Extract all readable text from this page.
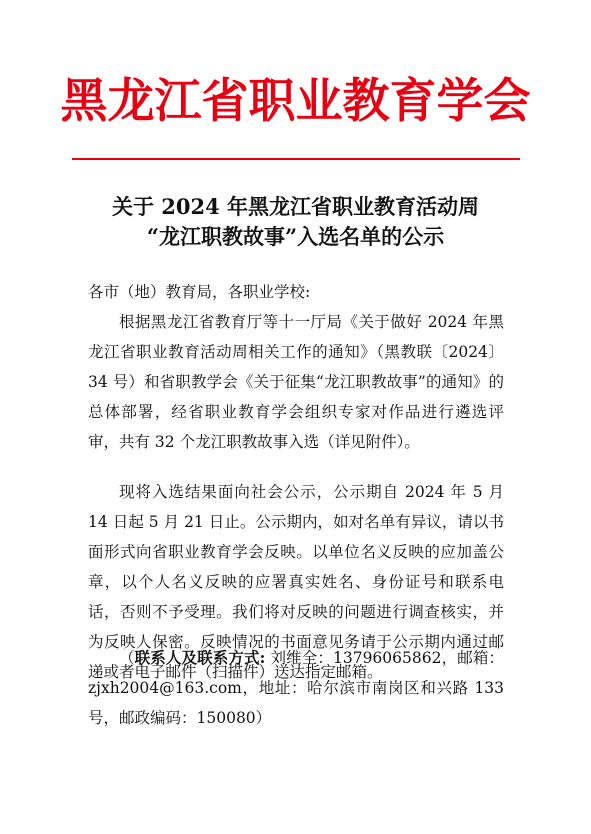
黑龙江省职业教育学会
关于 2024 年黑龙江省职业教育活动周
“龙江职教故事”入选名单的公示
各市（地）教育局，各职业学校:
根据黑龙江省教育厅等十一厅局《关于做好 2024 年黑龙江省职业教育活动周相关工作的通知》（黑教联〔2024〕34 号）和省职教学会《关于征集“龙江职教故事”的通知》的总体部署，经省职业教育学会组织专家对作品进行遴选评审，共有 32 个龙江职教故事入选（详见附件）。
现将入选结果面向社会公示，公示期自 2024 年 5 月 14 日起 5 月 21 日止。公示期内，如对名单有异议，请以书面形式向省职业教育学会反映。以单位名义反映的应加盖公章，以个人名义反映的应署真实姓名、身份证号和联系电话，否则不予受理。我们将对反映的问题进行调查核实，并为反映人保密。反映情况的书面意见务请于公示期内通过邮递或者电子邮件（扫描件）送达指定邮箱。
（联系人及联系方式: 刘维全：13796065862，邮箱：zjxh2004@163.com，地址：哈尔滨市南岗区和兴路 133 号，邮政编码：150080）
